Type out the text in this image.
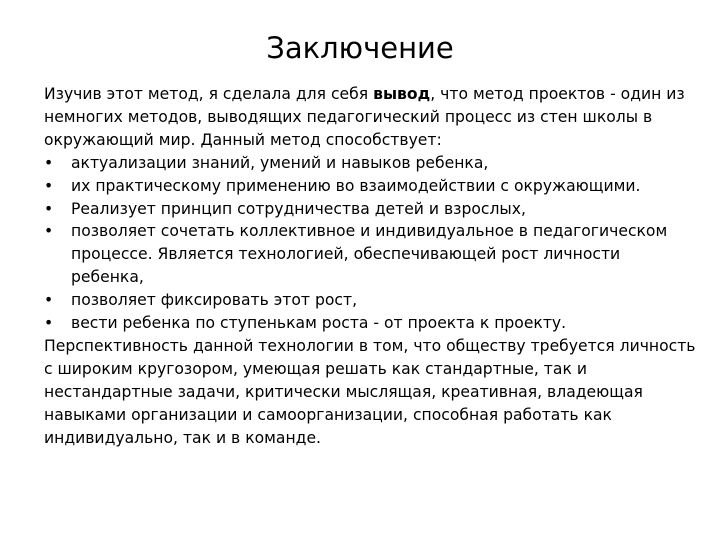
Заключение

Изучив этот метод, я сделала для себя вывод, что метод проектов - один из немногих методов, выводящих педагогический процесс из стен школы в окружающий мир. Данный метод способствует:

•	актуализации знаний, умений и навыков ребенка,
•	их практическому применению во взаимодействии с окружающими.
•	Реализует принцип сотрудничества детей и взрослых,
•	позволяет сочетать коллективное и индивидуальное в педагогическом процессе. Является технологией, обеспечивающей рост личности ребенка,
•	позволяет фиксировать этот рост,
•	вести ребенка по ступенькам роста - от проекта к проекту.

Перспективность данной технологии в том, что обществу требуется личность с широким кругозором, умеющая решать как стандартные, так и нестандартные задачи, критически мыслящая, креативная, владеющая навыками организации и самоорганизации, способная работать как индивидуально, так и в команде.
